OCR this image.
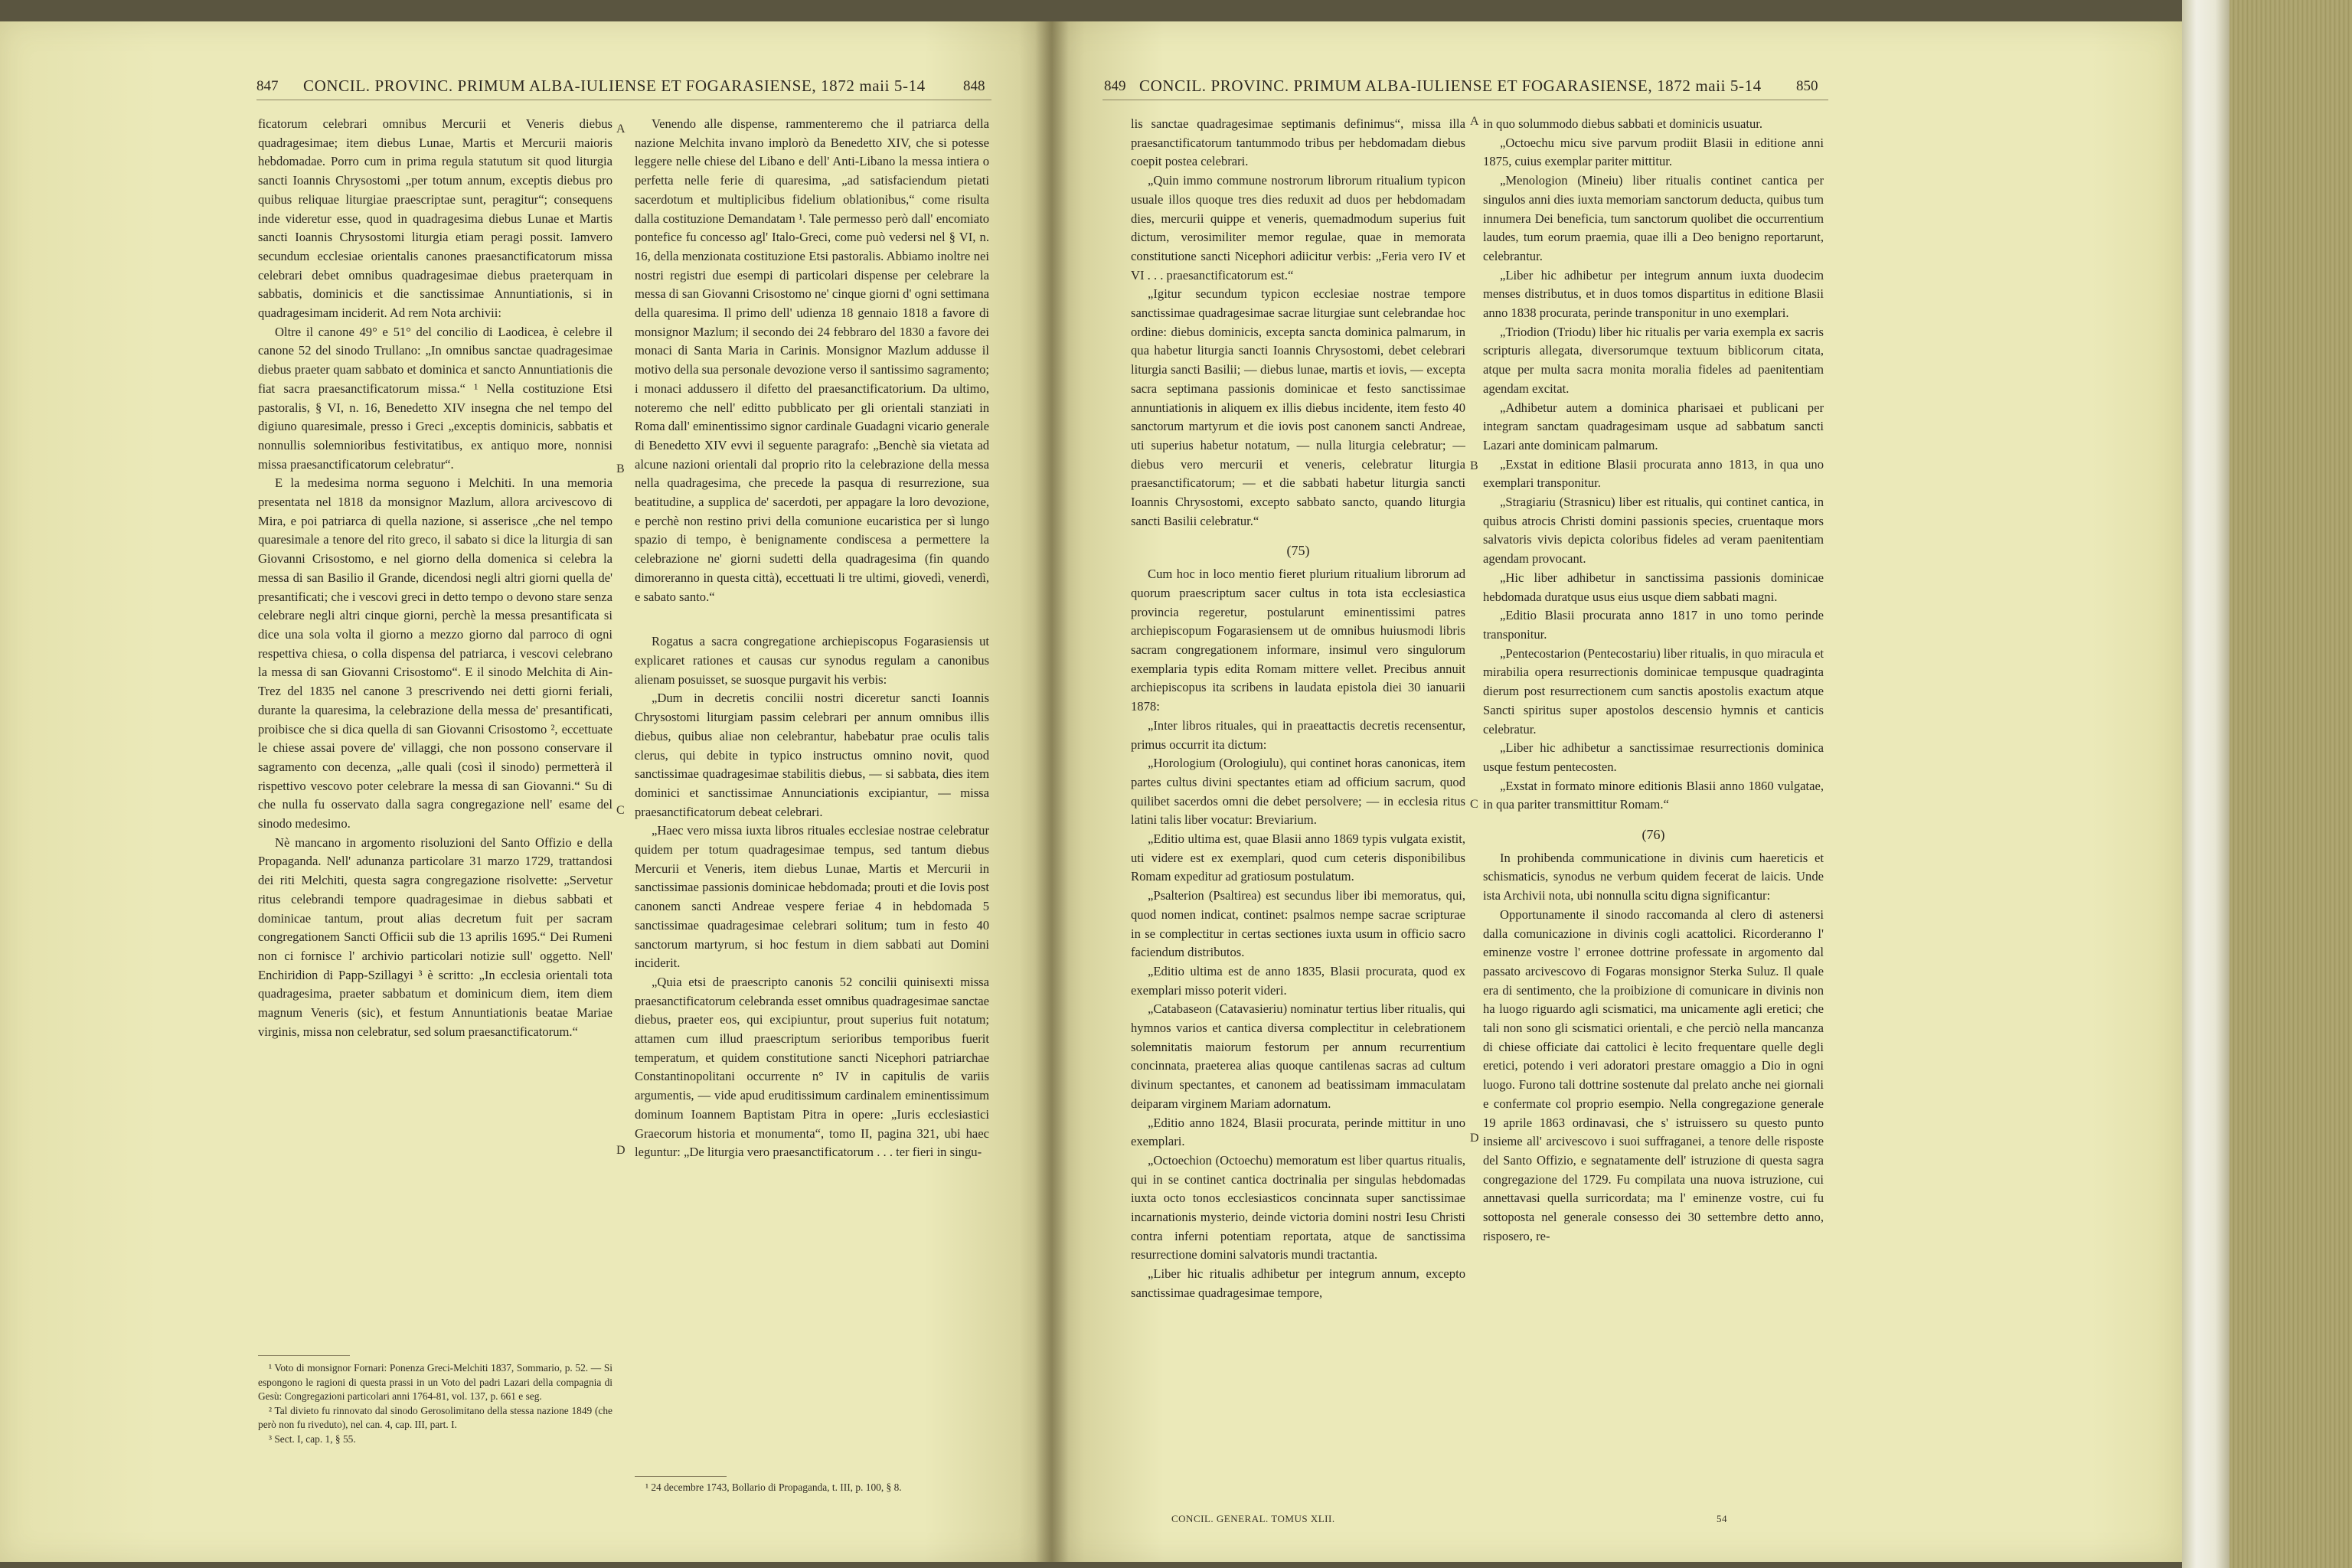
847 CONCIL. PROVINC. PRIMUM ALBA-IULIENSE ET FOGARASIENSE, 1872 maii 5-14	848

ficatorum celebrari omnibus Mercurii et Veneris diebus quadragesimae; item diebus Lunae, Martis et Mercurii maioris hebdomadae. Porro cum in prima regula statutum sit quod liturgia sancti Ioannis Chrysostomi „per totum annum, exceptis diebus pro quibus reliquae liturgiae praescriptae sunt, peragitur“; consequens inde videretur esse, quod in quadragesima diebus Lunae et Martis sancti Ioannis Chrysostomi liturgia etiam peragi possit. Iamvero secundum ecclesiae orientalis canones praesanctificatorum missa celebrari debet omnibus quadragesimae diebus praeterquam in sabbatis, dominicis et die sanctissimae Annuntiationis, si in quadragesimam inciderit. Ad rem Nota archivii:

Oltre il canone 49° e 51° del concilio di Laodicea, è celebre il canone 52 del sinodo Trullano: „In omnibus sanctae quadragesimae diebus praeter quam sabbato et dominica et sancto Annuntiationis die fiat sacra praesanctificatorum missa.“ ¹ Nella costituzione Etsi pastoralis, § VI, n. 16, Benedetto XIV insegna che nel tempo del digiuno quaresimale, presso i Greci „exceptis dominicis, sabbatis et nonnullis solemnioribus festivitatibus, ex antiquo more, nonnisi missa praesanctificatorum celebratur“.

E la medesima norma seguono i Melchiti. In una memoria presentata nel 1818 da monsignor Mazlum, allora arcivescovo di Mira, e poi patriarca di quella nazione, si asserisce „che nel tempo quaresimale a tenore del rito greco, il sabato si dice la liturgia di san Giovanni Crisostomo, e nel giorno della domenica si celebra la messa di san Basilio il Grande, dicendosi negli altri giorni quella de' presantificati; che i vescovi greci in detto tempo o devono stare senza celebrare negli altri cinque giorni, perchè la messa presantificata si dice una sola volta il giorno a mezzo giorno dal parroco di ogni respettiva chiesa, o colla dispensa del patriarca, i vescovi celebrano la messa di san Giovanni Crisostomo“. E il sinodo Melchita di Ain-Trez del 1835 nel canone 3 prescrivendo nei detti giorni feriali, durante la quaresima, la celebrazione della messa de' presantificati, proibisce che si dica quella di san Giovanni Crisostomo ², eccettuate le chiese assai povere de' villaggi, che non possono conservare il sagramento con decenza, „alle quali (così il sinodo) permetterà il rispettivo vescovo poter celebrare la messa di san Giovanni.“ Su di che nulla fu osservato dalla sagra congregazione nell' esame del sinodo medesimo.

Nè mancano in argomento risoluzioni del Santo Offizio e della Propaganda. Nell' adunanza particolare 31 marzo 1729, trattandosi dei riti Melchiti, questa sagra congregazione risolvette: „Servetur ritus celebrandi tempore quadragesimae in diebus sabbati et dominicae tantum, prout alias decretum fuit per sacram congregationem Sancti Officii sub die 13 aprilis 1695.“ Dei Rumeni non ci fornisce l' archivio particolari notizie sull' oggetto. Nell' Enchiridion di Papp-Szillagyi ³ è scritto: „In ecclesia orientali tota quadragesima, praeter sabbatum et dominicum diem, item diem magnum Veneris (sic), et festum Annuntiationis beatae Mariae virginis, missa non celebratur, sed solum praesanctificatorum.“

¹ Voto di monsignor Fornari: Ponenza Greci-Melchiti 1837, Sommario, p. 52. — Si espongono le ragioni di questa prassi in un Voto del padri Lazari della compagnia di Gesù: Congregazioni particolari anni 1764-81, vol. 137, p. 661 e seg.

² Tal divieto fu rinnovato dal sinodo Gerosolimitano della stessa nazione 1849 (che però non fu riveduto), nel can. 4, cap. III, part. I.

³ Sect. I, cap. 1, § 55.

A
B
C
D

Venendo alle dispense, rammenteremo che il patriarca della nazione Melchita invano implorò da Benedetto XIV, che si potesse leggere nelle chiese del Libano e dell' Anti-Libano la messa intiera o perfetta nelle ferie di quaresima, „ad satisfaciendum pietati sacerdotum et multiplicibus fidelium oblationibus,“ come risulta dalla costituzione Demandatam ¹. Tale permesso però dall' encomiato pontefice fu concesso agl' Italo-Greci, come può vedersi nel § VI, n. 16, della menzionata costituzione Etsi pastoralis. Abbiamo inoltre nei nostri registri due esempi di particolari dispense per celebrare la messa di san Giovanni Crisostomo ne' cinque giorni d' ogni settimana della quaresima. Il primo dell' udienza 18 gennaio 1818 a favore di monsignor Mazlum; il secondo dei 24 febbraro del 1830 a favore dei monaci di Santa Maria in Carinis. Monsignor Mazlum addusse il motivo della sua personale devozione verso il santissimo sagramento; i monaci addussero il difetto del praesanctificatorium. Da ultimo, noteremo che nell' editto pubblicato per gli orientali stanziati in Roma dall' eminentissimo signor cardinale Guadagni vicario generale di Benedetto XIV evvi il seguente paragrafo: „Benchè sia vietata ad alcune nazioni orientali dal proprio rito la celebrazione della messa nella quadragesima, che precede la pasqua di resurrezione, sua beatitudine, a supplica de' sacerdoti, per appagare la loro devozione, e perchè non restino privi della comunione eucaristica per sì lungo spazio di tempo, è benignamente condiscesa a permettere la celebrazione ne' giorni sudetti della quadragesima (fin quando dimoreranno in questa città), eccettuati li tre ultimi, giovedì, venerdì, e sabato santo.“

Rogatus a sacra congregatione archiepiscopus Fogarasiensis ut explicaret rationes et causas cur synodus regulam a canonibus alienam posuisset, se suosque purgavit his verbis:

„Dum in decretis concilii nostri diceretur sancti Ioannis Chrysostomi liturgiam passim celebrari per annum omnibus illis diebus, quibus aliae non celebrantur, habebatur prae oculis talis clerus, qui debite in typico instructus omnino novit, quod sanctissimae quadragesimae stabilitis diebus, — si sabbata, dies item dominici et sanctissimae Annunciationis excipiantur, — missa praesanctificatorum debeat celebrari.

„Haec vero missa iuxta libros rituales ecclesiae nostrae celebratur quidem per totum quadragesimae tempus, sed tantum diebus Mercurii et Veneris, item diebus Lunae, Martis et Mercurii in sanctissimae passionis dominicae hebdomada; prouti et die Iovis post canonem sancti Andreae vespere feriae 4 in hebdomada 5 sanctissimae quadragesimae celebrari solitum; tum in festo 40 sanctorum martyrum, si hoc festum in diem sabbati aut Domini inciderit.

„Quia etsi de praescripto canonis 52 concilii quinisexti missa praesanctificatorum celebranda esset omnibus quadragesimae sanctae diebus, praeter eos, qui excipiuntur, prout superius fuit notatum; attamen cum illud praescriptum serioribus temporibus fuerit temperatum, et quidem constitutione sancti Nicephori patriarchae Constantinopolitani occurrente n° IV in capitulis de variis argumentis, — vide apud eruditissimum cardinalem eminentissimum dominum Ioannem Baptistam Pitra in opere: „Iuris ecclesiastici Graecorum historia et monumenta“, tomo II, pagina 321, ubi haec leguntur: „De liturgia vero praesanctificatorum . . . ter fieri in singu-

¹ 24 decembre 1743, Bollario di Propaganda, t. III, p. 100, § 8.

849 CONCIL. PROVINC. PRIMUM ALBA-IULIENSE ET FOGARASIENSE, 1872 maii 5-14 850

lis sanctae quadragesimae septimanis definimus“, missa illa praesanctificatorum tantummodo tribus per hebdomadam diebus coepit postea celebrari.

„Quin immo commune nostrorum librorum ritualium typicon usuale illos quoque tres dies reduxit ad duos per hebdomadam dies, mercurii quippe et veneris, quemadmodum superius fuit dictum, verosimiliter memor regulae, quae in memorata constitutione sancti Nicephori adiicitur verbis: „Feria vero IV et VI . . . praesanctificatorum est.“

„Igitur secundum typicon ecclesiae nostrae tempore sanctissimae quadragesimae sacrae liturgiae sunt celebrandae hoc ordine: diebus dominicis, excepta sancta dominica palmarum, in qua habetur liturgia sancti Ioannis Chrysostomi, debet celebrari liturgia sancti Basilii; — diebus lunae, martis et iovis, — excepta sacra septimana passionis dominicae et festo sanctissimae annuntiationis in aliquem ex illis diebus incidente, item festo 40 sanctorum martyrum et die iovis post canonem sancti Andreae, uti superius habetur notatum, — nulla liturgia celebratur; — diebus vero mercurii et veneris, celebratur liturgia praesanctificatorum; — et die sabbati habetur liturgia sancti Ioannis Chrysostomi, excepto sabbato sancto, quando liturgia sancti Basilii celebratur.“

(75)

Cum hoc in loco mentio fieret plurium ritualium librorum ad quorum praescriptum sacer cultus in tota ista ecclesiastica provincia regeretur, postularunt eminentissimi patres archiepiscopum Fogarasiensem ut de omnibus huiusmodi libris sacram congregationem informare, insimul vero singulorum exemplaria typis edita Romam mittere vellet. Precibus annuit archiepiscopus ita scribens in laudata epistola diei 30 ianuarii 1878:

„Inter libros rituales, qui in praeattactis decretis recensentur, primus occurrit ita dictum:

„Horologium (Orologiulu), qui continet horas canonicas, item partes cultus divini spectantes etiam ad officium sacrum, quod quilibet sacerdos omni die debet persolvere; — in ecclesia ritus latini talis liber vocatur: Breviarium.

„Editio ultima est, quae Blasii anno 1869 typis vulgata existit, uti videre est ex exemplari, quod cum ceteris disponibilibus Romam expeditur ad gratiosum postulatum.

„Psalterion (Psaltirea) est secundus liber ibi memoratus, qui, quod nomen indicat, continet: psalmos nempe sacrae scripturae in se complectitur in certas sectiones iuxta usum in officio sacro faciendum distributos.

„Editio ultima est de anno 1835, Blasii procurata, quod ex exemplari misso poterit videri.

„Catabaseon (Catavasieriu) nominatur tertius liber ritualis, qui hymnos varios et cantica diversa complectitur in celebrationem solemnitatis maiorum festorum per annum recurrentium concinnata, praeterea alias quoque cantilenas sacras ad cultum divinum spectantes, et canonem ad beatissimam immaculatam deiparam virginem Mariam adornatum.

„Editio anno 1824, Blasii procurata, perinde mittitur in uno exemplari.

„Octoechion (Octoechu) memoratum est liber quartus ritualis, qui in se continet cantica doctrinalia per singulas hebdomadas iuxta octo tonos ecclesiasticos concinnata super sanctissimae incarnationis mysterio, deinde victoria domini nostri Iesu Christi contra inferni potentiam reportata, atque de sanctissima resurrectione domini salvatoris mundi tractantia.

„Liber hic ritualis adhibetur per integrum annum, excepto sanctissimae quadragesimae tempore,

CONCIL. GENERAL. TOMUS XLII.
A
B
C
D

in quo solummodo diebus sabbati et dominicis usuatur.

„Octoechu micu sive parvum prodiit Blasii in editione anni 1875, cuius exemplar pariter mittitur.

„Menologion (Mineiu) liber ritualis continet cantica per singulos anni dies iuxta memoriam sanctorum deducta, quibus tum innumera Dei beneficia, tum sanctorum quolibet die occurrentium laudes, tum eorum praemia, quae illi a Deo benigno reportarunt, celebrantur.

„Liber hic adhibetur per integrum annum iuxta duodecim menses distributus, et in duos tomos dispartitus in editione Blasii anno 1838 procurata, perinde transponitur in uno exemplari.

„Triodion (Triodu) liber hic ritualis per varia exempla ex sacris scripturis allegata, diversorumque textuum biblicorum citata, atque per multa sacra monita moralia fideles ad paenitentiam agendam excitat.

„Adhibetur autem a dominica pharisaei et publicani per integram sanctam quadragesimam usque ad sabbatum sancti Lazari ante dominicam palmarum.

„Exstat in editione Blasii procurata anno 1813, in qua uno exemplari transponitur.

„Stragiariu (Strasnicu) liber est ritualis, qui continet cantica, in quibus atrocis Christi domini passionis species, cruentaque mors salvatoris vivis depicta coloribus fideles ad veram paenitentiam agendam provocant.

„Hic liber adhibetur in sanctissima passionis dominicae hebdomada duratque usus eius usque diem sabbati magni.

„Editio Blasii procurata anno 1817 in uno tomo perinde transponitur.

„Pentecostarion (Pentecostariu) liber ritualis, in quo miracula et mirabilia opera resurrectionis dominicae tempusque quadraginta dierum post resurrectionem cum sanctis apostolis exactum atque Sancti spiritus super apostolos descensio hymnis et canticis celebratur.

„Liber hic adhibetur a sanctissimae resurrectionis dominica usque festum pentecosten.

„Exstat in formato minore editionis Blasii anno 1860 vulgatae, in qua pariter transmittitur Romam.“

(76)

In prohibenda communicatione in divinis cum haereticis et schismaticis, synodus ne verbum quidem fecerat de laicis. Unde ista Archivii nota, ubi nonnulla scitu digna significantur:

Opportunamente il sinodo raccomanda al clero di astenersi dalla comunicazione in divinis cogli acattolici. Ricorderanno l' eminenze vostre l' erronee dottrine professate in argomento dal passato arcivescovo di Fogaras monsignor Sterka Suluz. Il quale era di sentimento, che la proibizione di comunicare in divinis non ha luogo riguardo agli scismatici, ma unicamente agli eretici; che tali non sono gli scismatici orientali, e che perciò nella mancanza di chiese officiate dai cattolici è lecito frequentare quelle degli eretici, potendo i veri adoratori prestare omaggio a Dio in ogni luogo. Furono tali dottrine sostenute dal prelato anche nei giornali e confermate col proprio esempio. Nella congregazione generale 19 aprile 1863 ordinavasi, che s' istruissero su questo punto insieme all' arcivescovo i suoi suffraganei, a tenore delle risposte del Santo Offizio, e segnatamente dell' istruzione di questa sagra congregazione del 1729. Fu compilata una nuova istruzione, cui annettavasi quella surricordata; ma l' eminenze vostre, cui fu sottoposta nel generale consesso dei 30 settembre detto anno, risposero, re-

54
